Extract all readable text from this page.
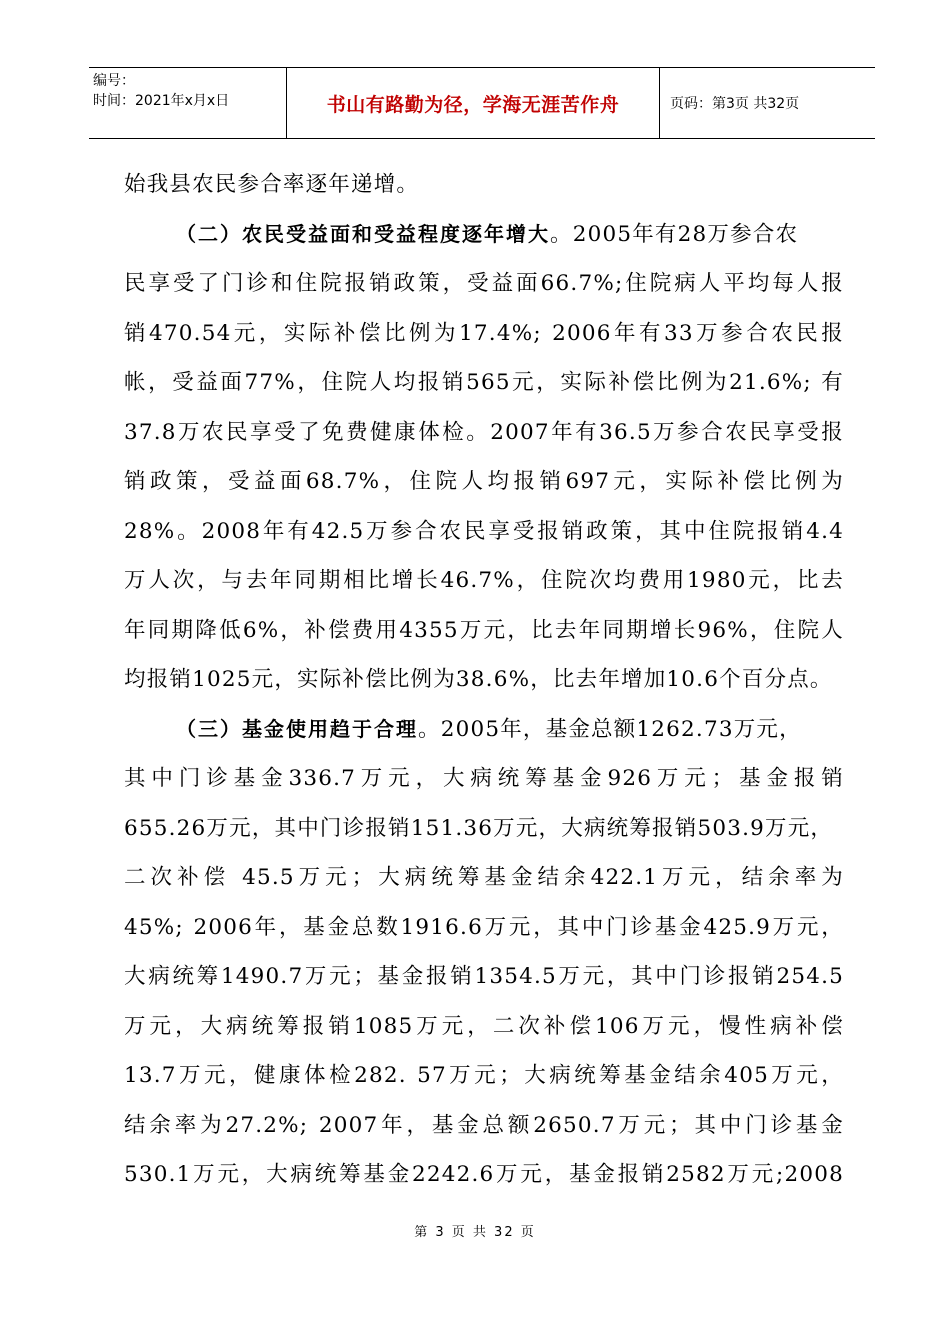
编号：
时间：2021年x月x日	书山有路勤为径，学海无涯苦作舟	页码：第3页 共32页
始我县农民参合率逐年递增。
（二）农民受益面和受益程度逐年增大。2005年有28万参合农
民享受了门诊和住院报销政策，受益面66.7%;住院病人平均每人报
销470.54元，实际补偿比例为17.4%; 2006年有33万参合农民报
帐，受益面77%，住院人均报销565元，实际补偿比例为21.6%; 有
37.8万农民享受了免费健康体检。2007年有36.5万参合农民享受报
销政策，受益面68.7%，住院人均报销697元，实际补偿比例为
28%。2008年有42.5万参合农民享受报销政策，其中住院报销4.4
万人次，与去年同期相比增长46.7%，住院次均费用1980元，比去
年同期降低6%，补偿费用4355万元，比去年同期增长96%，住院人
均报销1025元，实际补偿比例为38.6%，比去年增加10.6个百分点。
（三）基金使用趋于合理。2005年，基金总额1262.73万元，
其中门诊基金336.7万元，大病统筹基金926万元；基金报销
655.26万元，其中门诊报销151.36万元，大病统筹报销503.9万元，
二次补偿 45.5万元；大病统筹基金结余422.1万元，结余率为
45%; 2006年，基金总数1916.6万元，其中门诊基金425.9万元，
大病统筹1490.7万元；基金报销1354.5万元，其中门诊报销254.5
万元，大病统筹报销1085万元，二次补偿106万元，慢性病补偿
13.7万元，健康体检282. 57万元；大病统筹基金结余405万元，
结余率为27.2%; 2007年，基金总额2650.7万元；其中门诊基金
530.1万元，大病统筹基金2242.6万元，基金报销2582万元;2008
第 3 页 共 32 页
